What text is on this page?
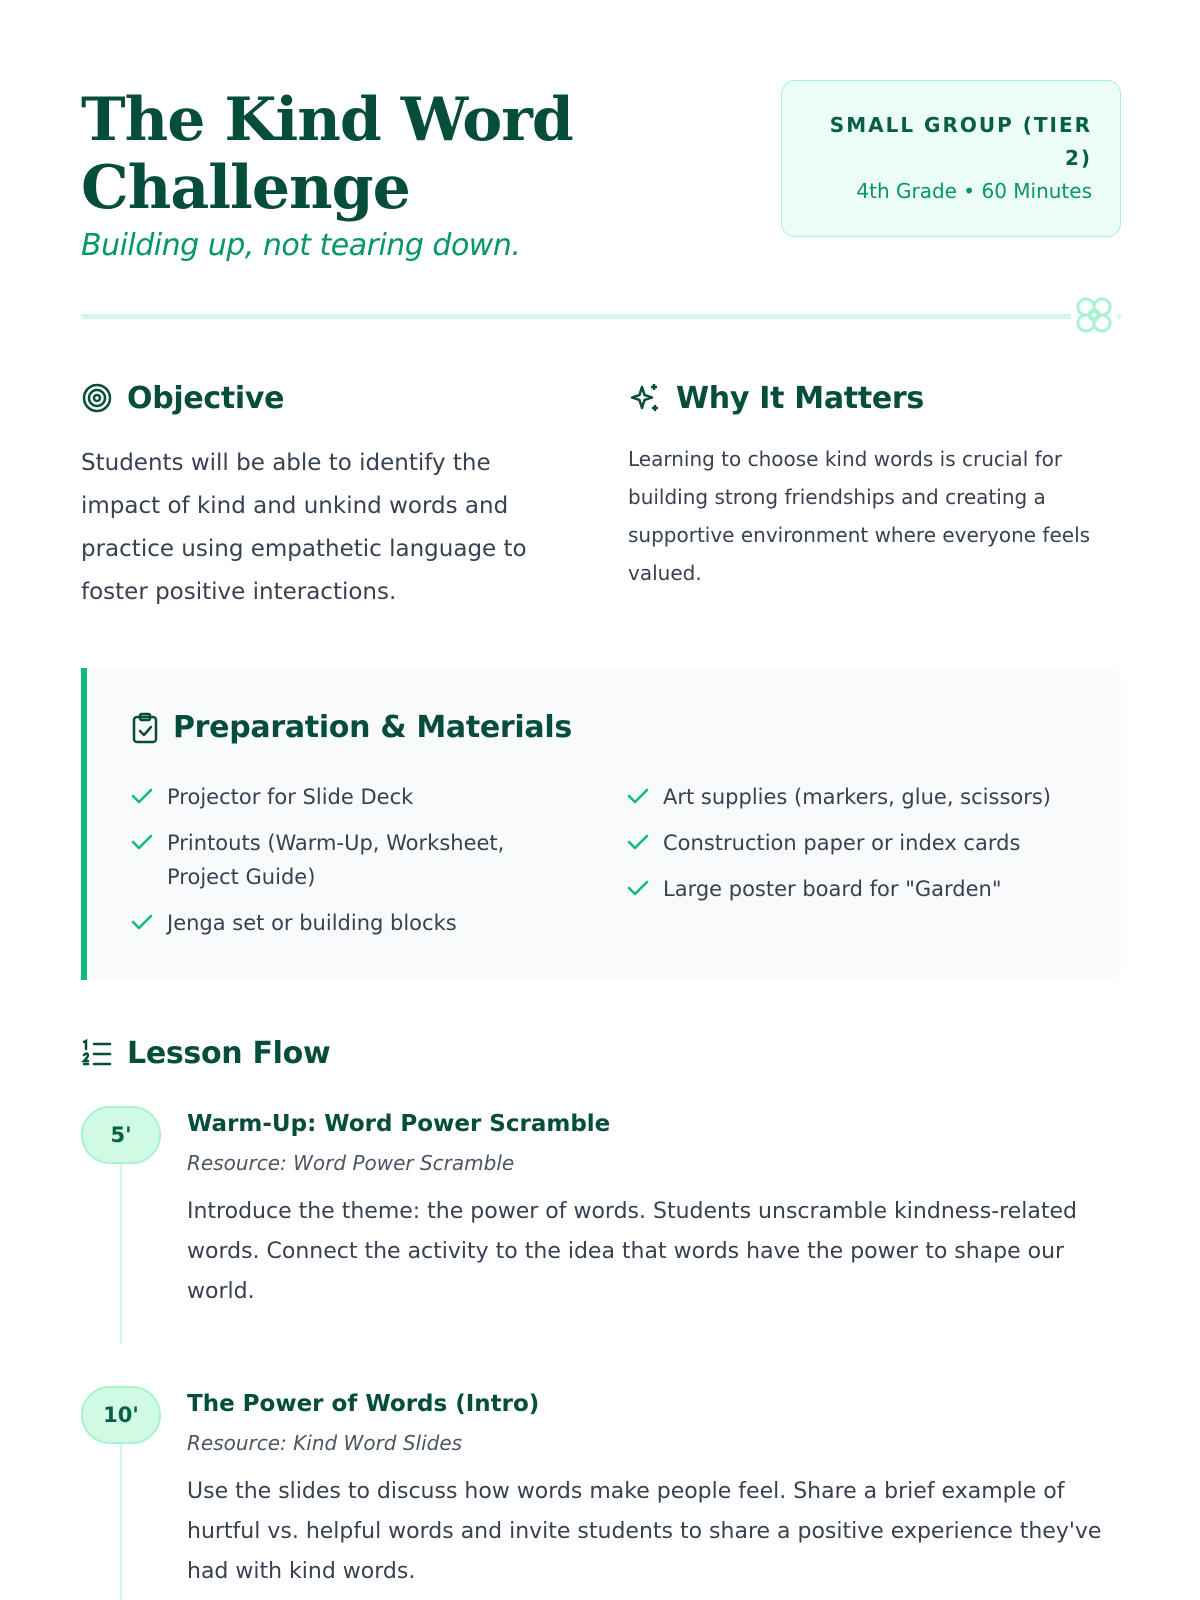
The Kind Word Challenge
Building up, not tearing down.
SMALL GROUP (TIER 2)
4th Grade • 60 Minutes
Objective

Students will be able to identify the impact of kind and unkind words and practice using empathetic language to foster positive interactions.

Why It Matters

Learning to choose kind words is crucial for building strong friendships and creating a supportive environment where everyone feels valued.

Preparation & Materials
Projector for Slide Deck
Printouts (Warm-Up, Worksheet, Project Guide)
Jenga set or building blocks
Art supplies (markers, glue, scissors)
Construction paper or index cards
Large poster board for "Garden"
Lesson Flow
5'	Warm-Up: Word Power Scramble
Resource: Word Power Scramble

Introduce the theme: the power of words. Students unscramble kindness-related words. Connect the activity to the idea that words have the power to shape our world.

10'	The Power of Words (Intro)
Resource: Kind Word Slides

Use the slides to discuss how words make people feel. Share a brief example of hurtful vs. helpful words and invite students to share a positive experience they've had with kind words.
